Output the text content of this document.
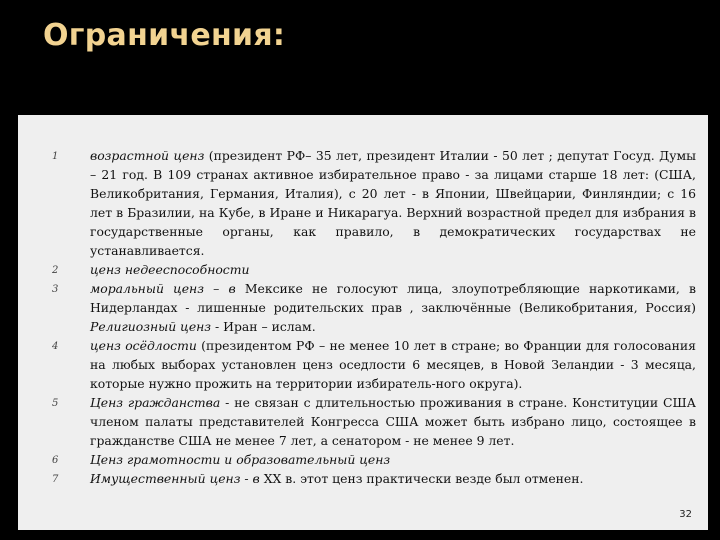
Ограничения:
1	возрастной ценз (президент РФ– 35 лет, президент Италии - 50 лет ; депутат Госуд. Думы – 21 год. В 109 странах активное избирательное право - за лицами старше 18 лет: (США, Великобритания, Германия, Италия), с 20 лет - в Японии, Швейцарии, Финляндии; с 16 лет в Бразилии, на Кубе, в Иране и Никарагуа. Верхний возрастной предел для избрания в государственные органы, как правило, в демократических государствах не устанавливается.
2	ценз недееспособности
3	моральный ценз – в Мексике не голосуют лица, злоупотребляющие наркотиками, в Нидерландах - лишенные родительских прав , заключённые (Великобритания, Россия) Религиозный ценз - Иран – ислам.
4	ценз осёдлости (президентом РФ – не менее 10 лет в стране; во Франции для голосования на любых выборах установлен ценз оседлости 6 месяцев, в Новой Зеландии - 3 месяца, которые нужно прожить на территории избиратель-ного округа).
5	Ценз гражданства - не связан с длительностью проживания в стране. Конституции США членом палаты представителей Конгресса США может быть избрано лицо, состоящее в гражданстве США не менее 7 лет, а сенатором - не менее 9 лет.
6	Ценз грамотности и образовательный ценз
7	Имущественный ценз - в XX в. этот ценз практически везде был отменен.
32
